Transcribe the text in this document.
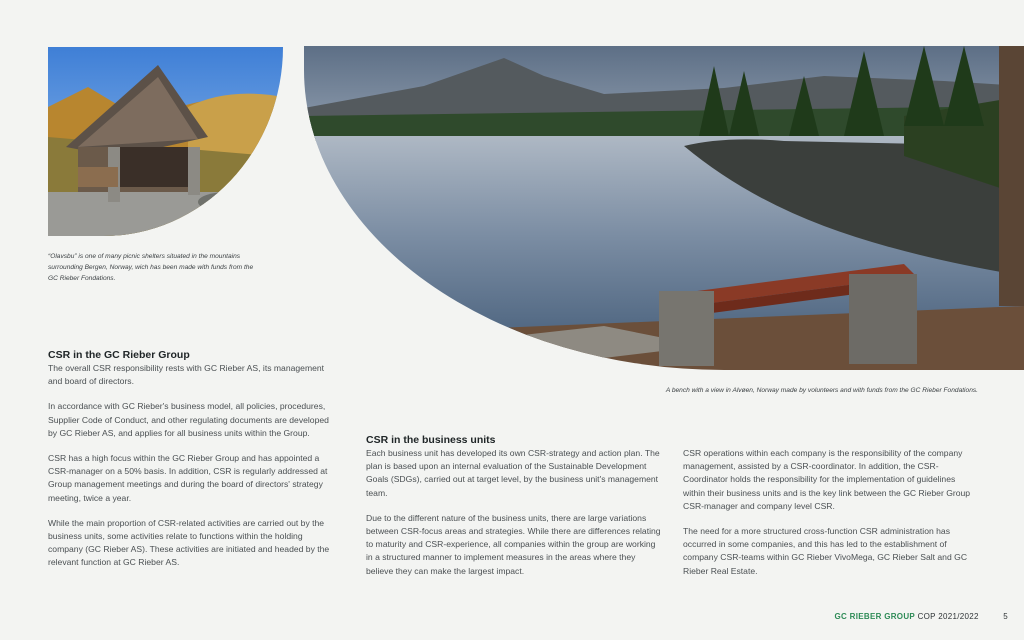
“Olavsbu” is one of many picnic shelters situated in the mountains surrounding Bergen, Norway, wich has been made with funds from the GC Rieber Fondations.
A bench with a view in Alvøen, Norway made by volunteers and with funds from the GC Rieber Fondations.
CSR in the GC Rieber Group

The overall CSR responsibility rests with GC Rieber AS, its management and board of directors.

In accordance with GC Rieber's business model, all policies, procedures, Supplier Code of Conduct, and other regulating documents are developed by GC Rieber AS, and applies for all business units within the Group.

CSR has a high focus within the GC Rieber Group and has appointed a CSR-manager on a 50% basis. In addition, CSR is regularly addressed at Group management meetings and during the board of directors' strategy meeting, twice a year.

While the main proportion of CSR-related activities are carried out by the business units, some activities relate to functions within the holding company (GC Rieber AS). These activities are initiated and headed by the relevant function at GC Rieber AS.

CSR in the business units

Each business unit has developed its own CSR-strategy and action plan. The plan is based upon an internal evaluation of the Sustainable Development Goals (SDGs), carried out at target level, by the business unit's management team.

Due to the different nature of the business units, there are large variations between CSR-focus areas and strategies. While there are differences relating to maturity and CSR-experience, all companies within the group are working in a structured manner to implement measures in the areas where they believe they can make the largest impact.

CSR operations within each company is the responsibility of the company management, assisted by a CSR-coordinator. In addition, the CSR-Coordinator holds the responsibility for the implementation of guidelines within their business units and is the key link between the GC Rieber Group CSR-manager and company level CSR.

The need for a more structured cross-function CSR administration has occurred in some companies, and this has led to the establishment of company CSR-teams within GC Rieber VivoMega, GC Rieber Salt and GC Rieber Real Estate.

GC RIEBER GROUP COP 2021/2022	5
